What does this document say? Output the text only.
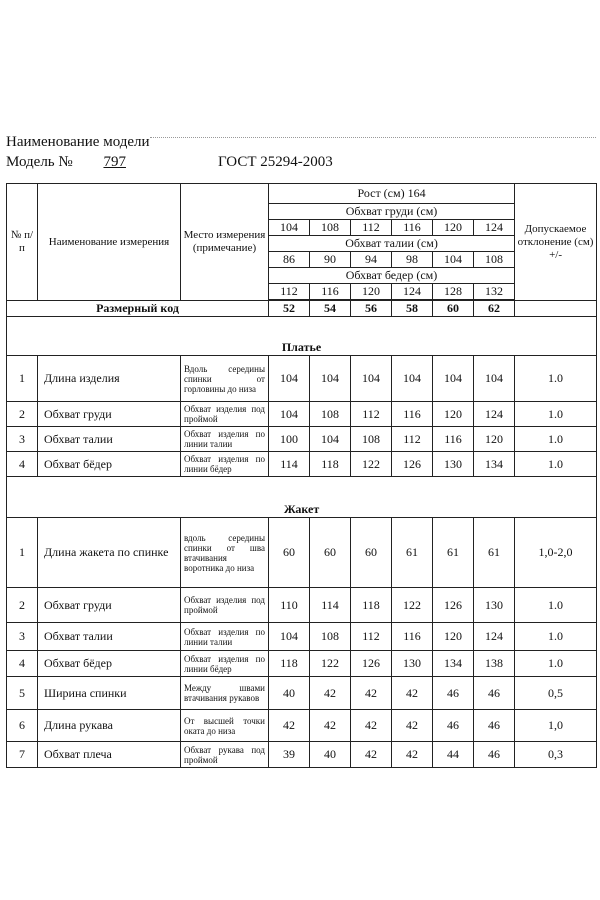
Наименование модели
Модель № 797	ГОСТ 25294-2003
№ п/ п	Наименование измерения	Место измерения (примечание)	Рост (см) 164						Допускаемое отклонение (см) +/-
			Обхват груди (см)						
			104	108	112	116	120	124	
			Обхват талии (см)						
			86	90	94	98	104	108	
			Обхват бедер (см)						
			112	116	120	124	128	132	

Размерный код			52	54	56	58	60	62	
Платье									
1	Длина изделия	Вдоль середины спинки от горловины до низа	104	104	104	104	104	104	1.0
2	Обхват груди	Обхват изделия под проймой	104	108	112	116	120	124	1.0
3	Обхват талии	Обхват изделия по линии талии	100	104	108	112	116	120	1.0
4	Обхват бёдер	Обхват изделия по линии бёдер	114	118	122	126	130	134	1.0
Жакет									
1	Длина жакета по спинке	вдоль середины спинки от шва втачивания воротника до низа	60	60	60	61	61	61	1,0-2,0
2	Обхват груди	Обхват изделия под проймой	110	114	118	122	126	130	1.0
3	Обхват талии	Обхват изделия по линии талии	104	108	112	116	120	124	1.0
4	Обхват бёдер	Обхват изделия по линии бёдер	118	122	126	130	134	138	1.0
5	Ширина спинки	Между швами втачивания рукавов	40	42	42	42	46	46	0,5
6	Длина рукава	От высшей точки оката до низа	42	42	42	42	46	46	1,0
7	Обхват плеча	Обхват рукава под проймой	39	40	42	42	44	46	0,3
